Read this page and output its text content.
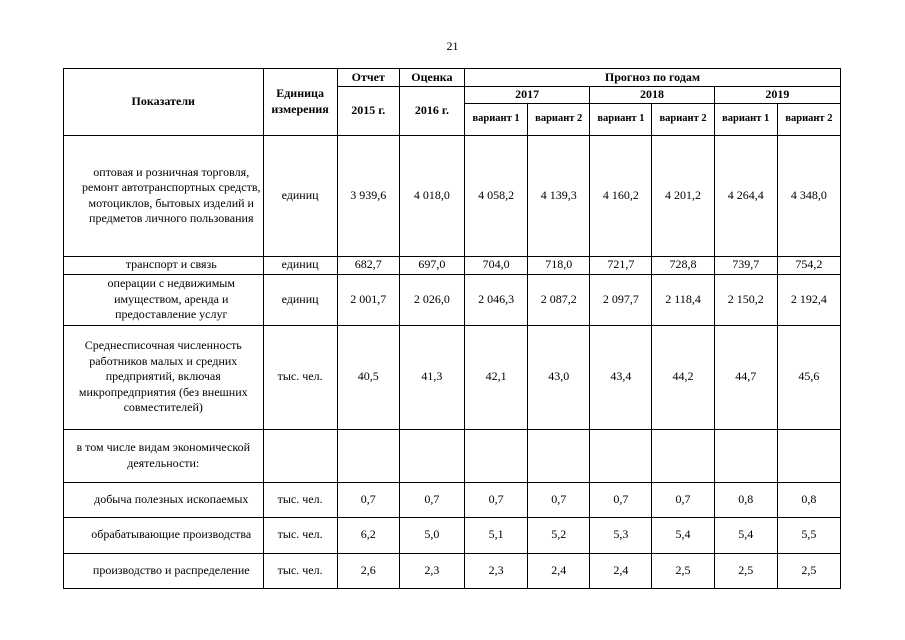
21
Показатели	Единица измерения	Отчет	Оценка	Прогноз по годам					
		2015 г.	2016 г.	2017		2018		2019	
				вариант 1	вариант 2	вариант 1	вариант 2	вариант 1	вариант 2
оптовая и розничная торговля, ремонт автотранспортных средств, мотоциклов, бытовых изделий и предметов личного пользования	единиц	3 939,6	4 018,0	4 058,2	4 139,3	4 160,2	4 201,2	4 264,4	4 348,0
транспорт и связь	единиц	682,7	697,0	704,0	718,0	721,7	728,8	739,7	754,2
операции с недвижимым имуществом, аренда и предоставление услуг	единиц	2 001,7	2 026,0	2 046,3	2 087,2	2 097,7	2 118,4	2 150,2	2 192,4
Среднесписочная численность работников малых и средних предприятий, включая микропредприятия (без внешних совместителей)	тыс. чел.	40,5	41,3	42,1	43,0	43,4	44,2	44,7	45,6
в том числе видам экономической деятельности:									
добыча полезных ископаемых	тыс. чел.	0,7	0,7	0,7	0,7	0,7	0,7	0,8	0,8
обрабатывающие производства	тыс. чел.	6,2	5,0	5,1	5,2	5,3	5,4	5,4	5,5
производство и распределение	тыс. чел.	2,6	2,3	2,3	2,4	2,4	2,5	2,5	2,5
